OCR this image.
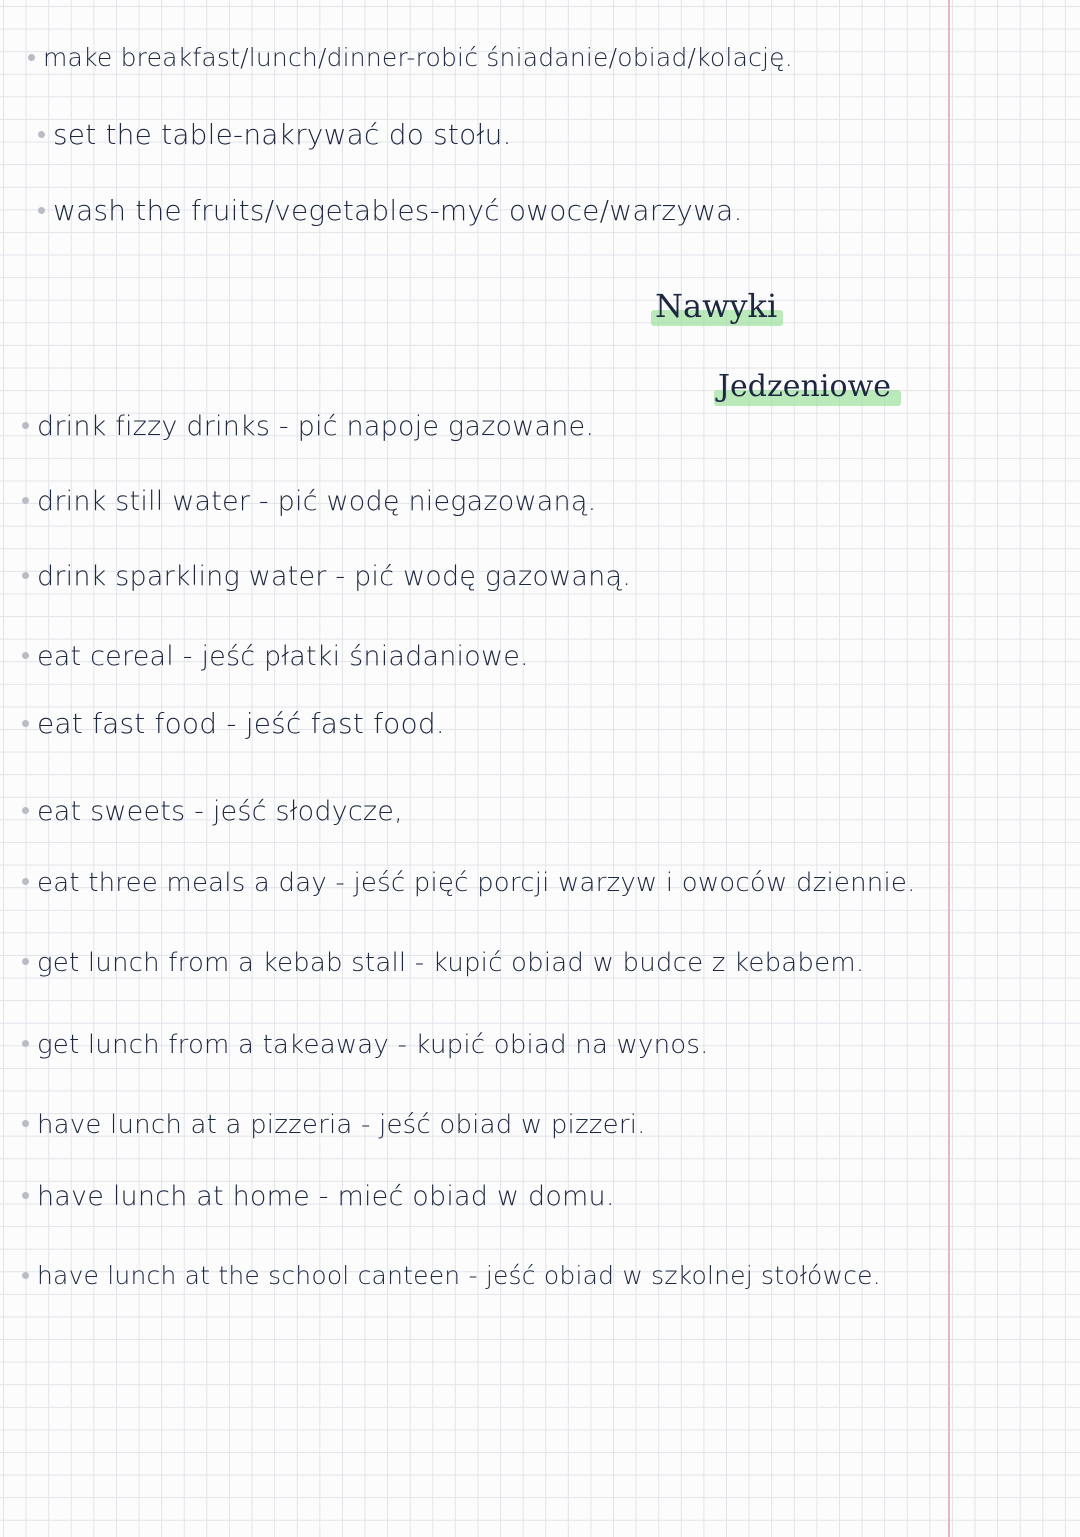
make breakfast/lunch/dinner-robić śniadanie/obiad/kolację.
set the table-nakrywać do stołu.
wash the fruits/vegetables-myć owoce/warzywa.
Nawyki
Jedzeniowe
drink fizzy drinks - pić napoje gazowane.
drink still water - pić wodę niegazowaną.
drink sparkling water - pić wodę gazowaną.
eat cereal - jeść płatki śniadaniowe.
eat fast food - jeść fast food.
eat sweets - jeść słodycze,
eat three meals a day - jeść pięć porcji warzyw i owoców dziennie.
get lunch from a kebab stall - kupić obiad w budce z kebabem.
get lunch from a takeaway - kupić obiad na wynos.
have lunch at a pizzeria - jeść obiad w pizzeri.
have lunch at home - mieć obiad w domu.
have lunch at the school canteen - jeść obiad w szkolnej stołówce.
